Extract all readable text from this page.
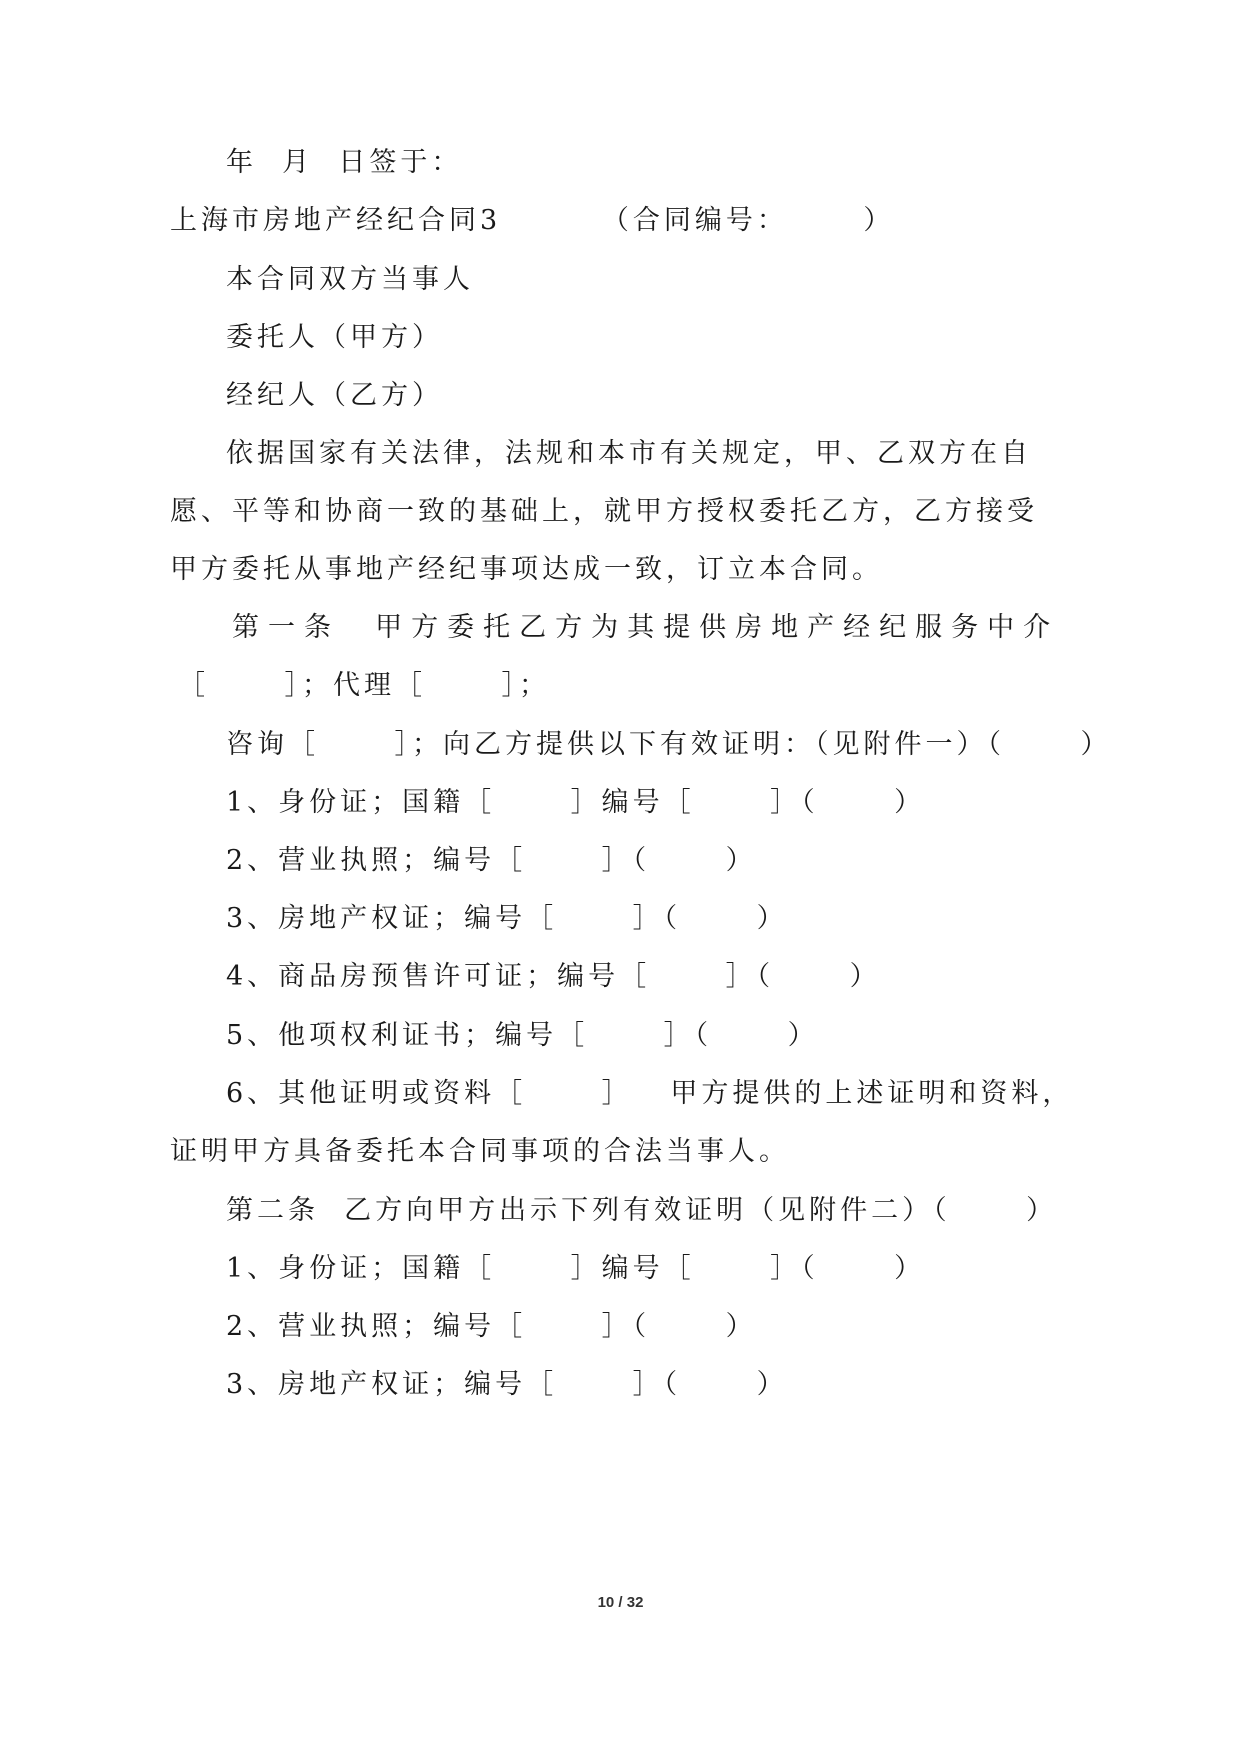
年  月  日签于：
上海市房地产经纪合同3        （合同编号：      ）
本合同双方当事人
委托人（甲方）
经纪人（乙方）
依据国家有关法律，法规和本市有关规定，甲、乙双方在自
愿、平等和协商一致的基础上，就甲方授权委托乙方，乙方接受
甲方委托从事地产经纪事项达成一致，订立本合同。
第一条  甲方委托乙方为其提供房地产经纪服务中介
［      ］；代理［      ］；
咨询［      ］；向乙方提供以下有效证明：（见附件一）（      ）
1、身份证；国籍［      ］编号［      ］（      ）
2、营业执照；编号［      ］（      ）
3、房地产权证；编号［      ］（      ）
4、商品房预售许可证；编号［      ］（      ）
5、他项权利证书；编号［      ］（      ）
6、其他证明或资料［      ］   甲方提供的上述证明和资料，
证明甲方具备委托本合同事项的合法当事人。
第二条  乙方向甲方出示下列有效证明（见附件二）（      ）
1、身份证；国籍［      ］编号［      ］（      ）
2、营业执照；编号［      ］（      ）
3、房地产权证；编号［      ］（      ）
10 / 32
